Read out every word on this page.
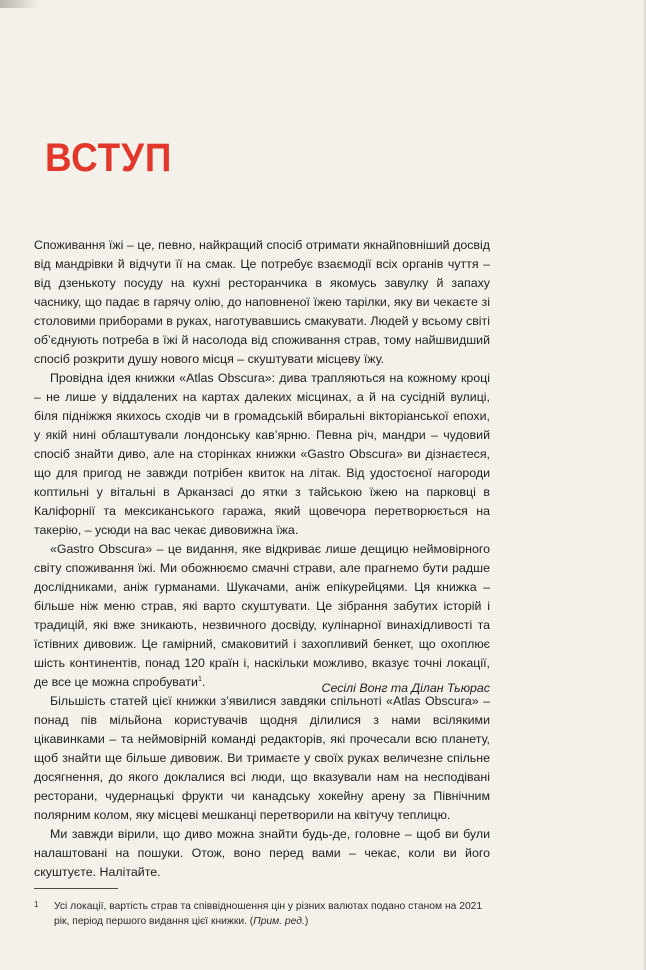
ВСТУП

Споживання їжі – це, певно, найкращий спосіб отримати якнайповніший досвід від мандрівки й відчути її на смак. Це потребує взаємодії всіх органів чуття – від дзенькоту посуду на кухні ресторанчика в якомусь завулку й запаху часнику, що падає в гарячу олію, до наповненої їжею тарілки, яку ви чекаєте зі столовими приборами в руках, наготувавшись смакувати. Людей у всьому світі об’єднують потреба в їжі й насолода від споживання страв, тому найшвидший спосіб розкрити душу нового місця – скуштувати місцеву їжу.

Провідна ідея книжки «Atlas Obscura»: дива трапляються на кожному кроці – не лише у віддалених на картах далеких місцинах, а й на сусідній вулиці, біля підніжжя якихось сходів чи в громадській вбиральні вікторіанської епохи, у якій нині облаштували лондонську кав’ярню. Певна річ, мандри – чудовий спосіб знайти диво, але на сторінках книжки «Gastro Obscura» ви дізнаєтеся, що для пригод не завжди потрібен квиток на літак. Від удостоєної нагороди коптильні у вітальні в Арканзасі до ятки з тайською їжею на парковці в Каліфорнії та мексиканського гаража, який щовечора перетворюється на такерію, – усюди на вас чекає дивовижна їжа.

«Gastro Obscura» – це видання, яке відкриває лише дещицю неймовірного світу споживання їжі. Ми обожнюємо смачні страви, але прагнемо бути радше дослідниками, аніж гурманами. Шукачами, аніж епікурейцями. Ця книжка – більше ніж меню страв, які варто скуштувати. Це зібрання забутих історій і традицій, які вже зникають, незвичного досвіду, кулінарної винахідливості та їстівних дивовиж. Це гамірний, смаковитий і захопливий бенкет, що охоплює шість континентів, понад 120 країн і, наскільки можливо, вказує точні локації, де все це можна спробувати$^1$.

Більшість статей цієї книжки з’явилися завдяки спільноті «Atlas Obscura» – понад пів мільйона користувачів щодня ділилися з нами всілякими цікавинками – та неймовірній команді редакторів, які прочесали всю планету, щоб знайти ще більше дивовиж. Ви тримаєте у своїх руках величезне спільне досягнення, до якого доклалися всі люди, що вказували нам на несподівані ресторани, чудернацькі фрукти чи канадську хокейну арену за Північним полярним колом, яку місцеві мешканці перетворили на квітучу теплицю.

Ми завжди вірили, що диво можна знайти будь-де, головне – щоб ви були налаштовані на пошуки. Отож, воно перед вами – чекає, коли ви його скуштуєте. Налітайте.

Сесілі Вонг та Ділан Тьюрас
1	Усі локації, вартість страв та співвідношення цін у різних валютах подано станом на 2021 рік, період першого видання цієї книжки. (Прим. ред.)
